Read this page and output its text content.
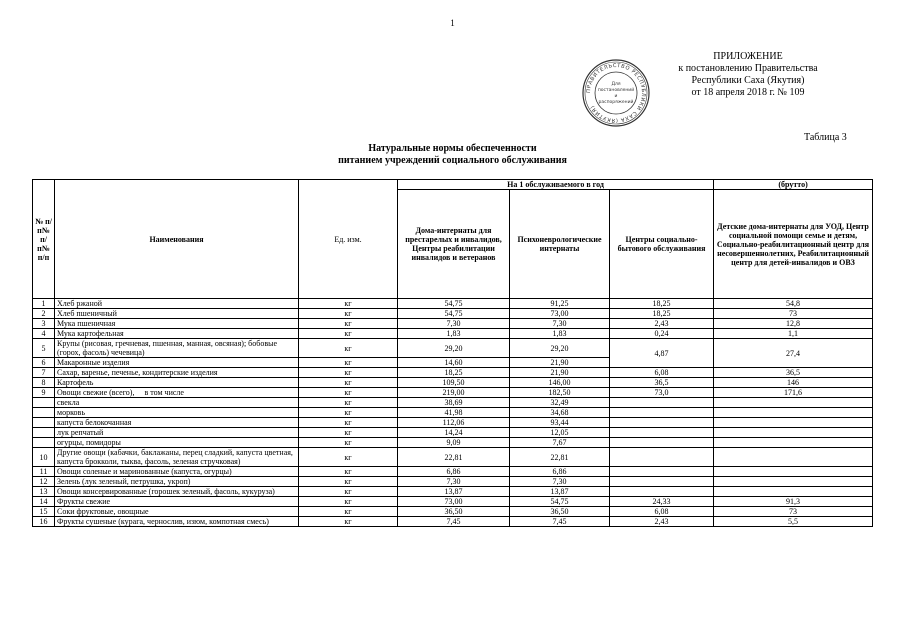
1
ПРАВИТЕЛЬСТВО РЕСПУБЛИКИ САХА (ЯКУТИЯ)
Для
постановлений
и
распоряжений
ПРИЛОЖЕНИЕ
к постановлению Правительства
Республики Саха (Якутия)
от 18 апреля 2018 г. № 109
Таблица 3
Натуральные нормы обеспеченности
питанием учреждений социального обслуживания
№ п/п№ п/п№ п/п	Наименования	Ед. изм.	На 1 обслуживаемого в год			(брутто)
			Дома-интернаты для престарелых и инвалидов, Центры реабилитации инвалидов и ветеранов	Психоневрологические интернаты	Центры социально-бытового обслуживания	Детские дома-интернаты для УОД, Центр социальной помощи семье и детям, Социально-реабилитационный центр для несовершеннолетних, Реабилитационный центр для детей-инвалидов и ОВЗ
1	Хлеб ржаной	кг	54,75	91,25	18,25	54,8
2	Хлеб пшеничный	кг	54,75	73,00	18,25	73
3	Мука пшеничная	кг	7,30	7,30	2,43	12,8
4	Мука картофельная	кг	1,83	1,83	0,24	1,1
5	Крупы (рисовая, гречневая, пшенная, манная, овсяная); бобовые (горох, фасоль) чечевица)	кг	29,20	29,20	4,87	27,4

6	Макаронные изделия	кг	14,60	21,90		
7	Сахар, варенье, печенье, кондитерские изделия	кг	18,25	21,90	6,08	36,5
8	Картофель	кг	109,50	146,00	36,5	146
9	Овощи свежие (всего),     в том числе	кг	219,00	182,50	73,0	171,6
	свекла	кг	38,69	32,49		
	морковь	кг	41,98	34,68		
	капуста белокочанная	кг	112,06	93,44		
	лук репчатый	кг	14,24	12,05		
	огурцы, помидоры	кг	9,09	7,67		
10	Другие овощи (кабачки, баклажаны, перец сладкий, капуста цветная, капуста брокколи, тыква, фасоль, зеленая стручковая)	кг	22,81	22,81		
11	Овощи соленые и маринованные (капуста, огурцы)	кг	6,86	6,86		
12	Зелень (лук зеленый, петрушка, укроп)	кг	7,30	7,30		
13	Овощи консервированные (горошек зеленый, фасоль, кукуруза)	кг	13,87	13,87		
14	Фрукты свежие	кг	73,00	54,75	24,33	91,3
15	Соки фруктовые, овощные	кг	36,50	36,50	6,08	73
16	Фрукты сушеные (курага, чернослив, изюм, компотная смесь)	кг	7,45	7,45	2,43	5,5
